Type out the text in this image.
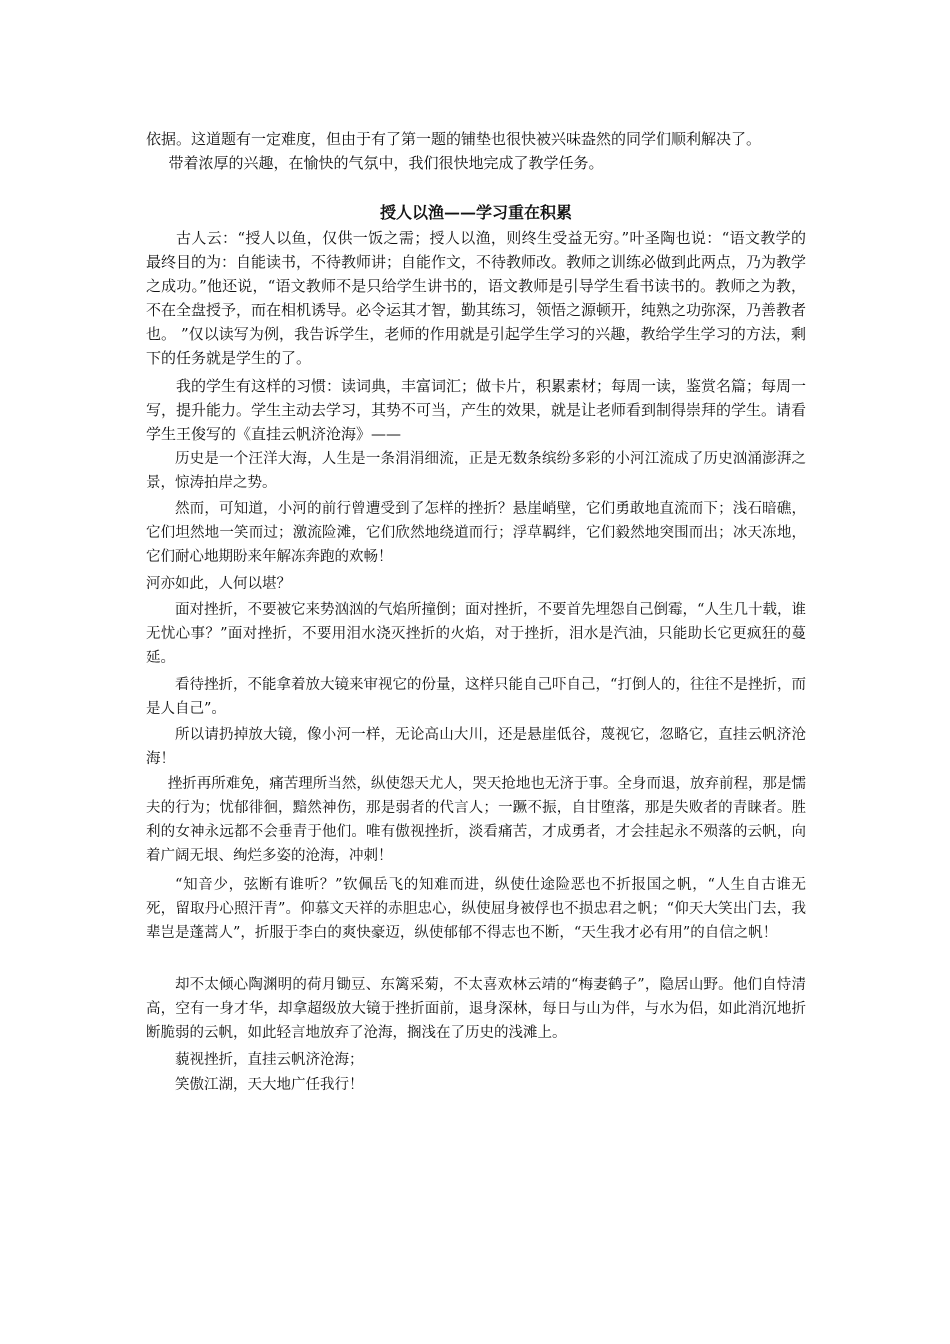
依据。这道题有一定难度，但由于有了第一题的铺垫也很快被兴味盎然的同学们顺利解决了。

带着浓厚的兴趣，在愉快的气氛中，我们很快地完成了教学任务。

授人以渔——学习重在积累

古人云：“授人以鱼，仅供一饭之需；授人以渔，则终生受益无穷。”叶圣陶也说：“语文教学的最终目的为：自能读书，不待教师讲；自能作文，不待教师改。教师之训练必做到此两点，乃为教学之成功。”他还说，“语文教师不是只给学生讲书的，语文教师是引导学生看书读书的。教师之为教，不在全盘授予，而在相机诱导。必令运其才智，勤其练习，领悟之源顿开，纯熟之功弥深，乃善教者也。 ”仅以读写为例，我告诉学生，老师的作用就是引起学生学习的兴趣，教给学生学习的方法，剩下的任务就是学生的了。

我的学生有这样的习惯：读词典，丰富词汇；做卡片，积累素材；每周一读，鉴赏名篇；每周一写，提升能力。学生主动去学习，其势不可当，产生的效果，就是让老师看到制得崇拜的学生。请看学生王俊写的《直挂云帆济沧海》——

历史是一个汪洋大海，人生是一条涓涓细流，正是无数条缤纷多彩的小河江流成了历史汹涌澎湃之景，惊涛拍岸之势。

然而，可知道，小河的前行曾遭受到了怎样的挫折？悬崖峭壁，它们勇敢地直流而下；浅石暗礁，它们坦然地一笑而过；激流险滩，它们欣然地绕道而行；浮草羁绊，它们毅然地突围而出；冰天冻地，它们耐心地期盼来年解冻奔跑的欢畅！

河亦如此，人何以堪？

面对挫折，不要被它来势汹汹的气焰所撞倒；面对挫折，不要首先埋怨自己倒霉，“人生几十载，谁无忧心事？”面对挫折，不要用泪水浇灭挫折的火焰，对于挫折，泪水是汽油，只能助长它更疯狂的蔓延。

看待挫折，不能拿着放大镜来审视它的份量，这样只能自己吓自己，“打倒人的，往往不是挫折，而是人自己”。

所以请扔掉放大镜，像小河一样，无论高山大川，还是悬崖低谷，蔑视它，忽略它，直挂云帆济沧海！

挫折再所难免，痛苦理所当然，纵使怨天尤人，哭天抢地也无济于事。全身而退，放弃前程，那是懦夫的行为；忧郁徘徊，黯然神伤，那是弱者的代言人；一蹶不振，自甘堕落，那是失败者的青睐者。胜利的女神永远都不会垂青于他们。唯有傲视挫折，淡看痛苦，才成勇者，才会挂起永不殒落的云帆，向着广阔无垠、绚烂多姿的沧海，冲刺！

“知音少，弦断有谁听？”钦佩岳飞的知难而进，纵使仕途险恶也不折报国之帆，“人生自古谁无死，留取丹心照汗青”。仰慕文天祥的赤胆忠心，纵使屈身被俘也不损忠君之帆；“仰天大笑出门去，我辈岂是蓬蒿人”，折服于李白的爽快豪迈，纵使郁郁不得志也不断，“天生我才必有用”的自信之帆！

却不太倾心陶渊明的荷月锄豆、东篱采菊，不太喜欢林云靖的“梅妻鹤子”，隐居山野。他们自恃清高，空有一身才华，却拿超级放大镜于挫折面前，退身深林，每日与山为伴，与水为侣，如此消沉地折断脆弱的云帆，如此轻言地放弃了沧海，搁浅在了历史的浅滩上。

藐视挫折，直挂云帆济沧海；

笑傲江湖，天大地广任我行！
